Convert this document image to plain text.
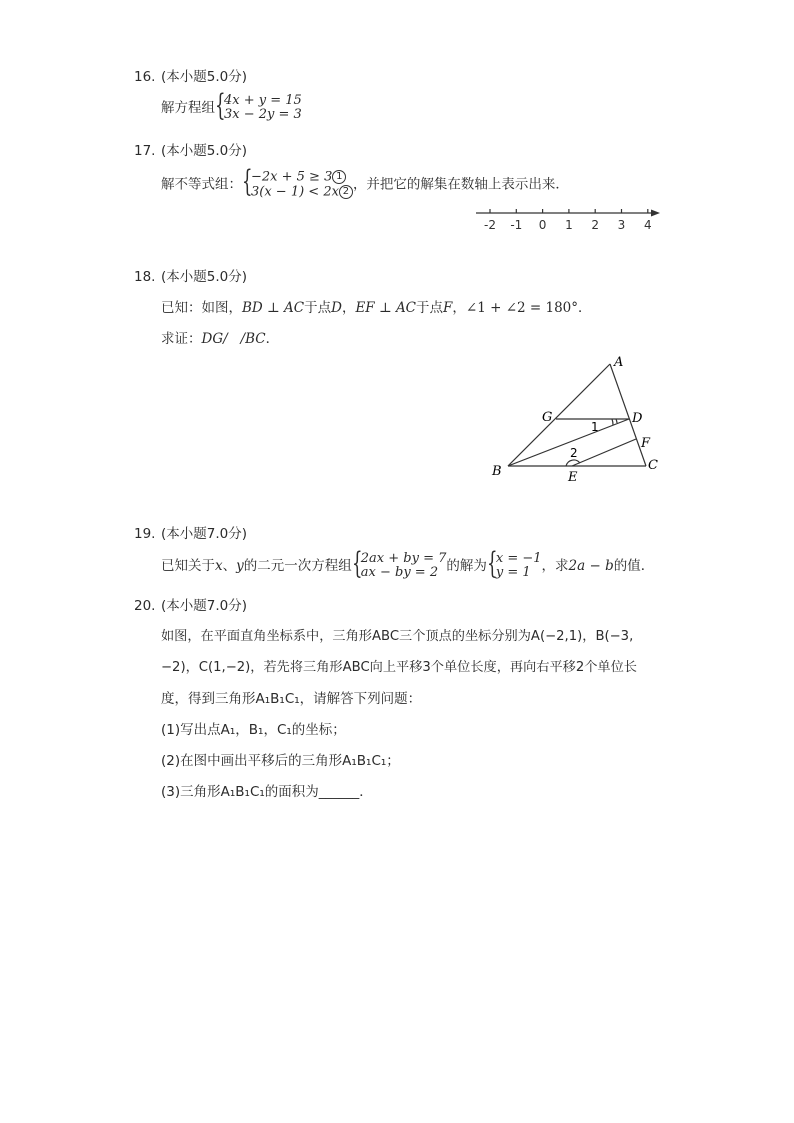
16. (本小题5.0分)
解方程组 {
4x + y = 15
3x − 2y = 3
17. (本小题5.0分)
解不等式组： {
−2x + 5 ≥ 3 1
3(x − 1) < 2x 2 ，并把它的解集在数轴上表示出来．
-2 -1 0 1 2 3 4
18. (本小题5.0分)
已知：如图，BD ⊥ AC于点D，EF ⊥ AC于点F，∠1 + ∠2 = 180°．
求证：DG/   /BC．
A
B	C
D
E
F
G
1
2
19. (本小题7.0分)
已知关于x、y的二元一次方程组 {
2ax + by = 7
ax − by = 2 的解为 {
x = −1
y = 1 ，求2a − b的值．
20. (本小题7.0分)
如图，在平面直角坐标系中，三角形ABC三个顶点的坐标分别为A(−2,1)，B(−3,
−2)，C(1,−2)，若先将三角形ABC向上平移3个单位长度，再向右平移2个单位长
度，得到三角形A₁B₁C₁，请解答下列问题：
(1)写出点A₁，B₁，C₁的坐标；
(2)在图中画出平移后的三角形A₁B₁C₁；
(3)三角形A₁B₁C₁的面积为______．
